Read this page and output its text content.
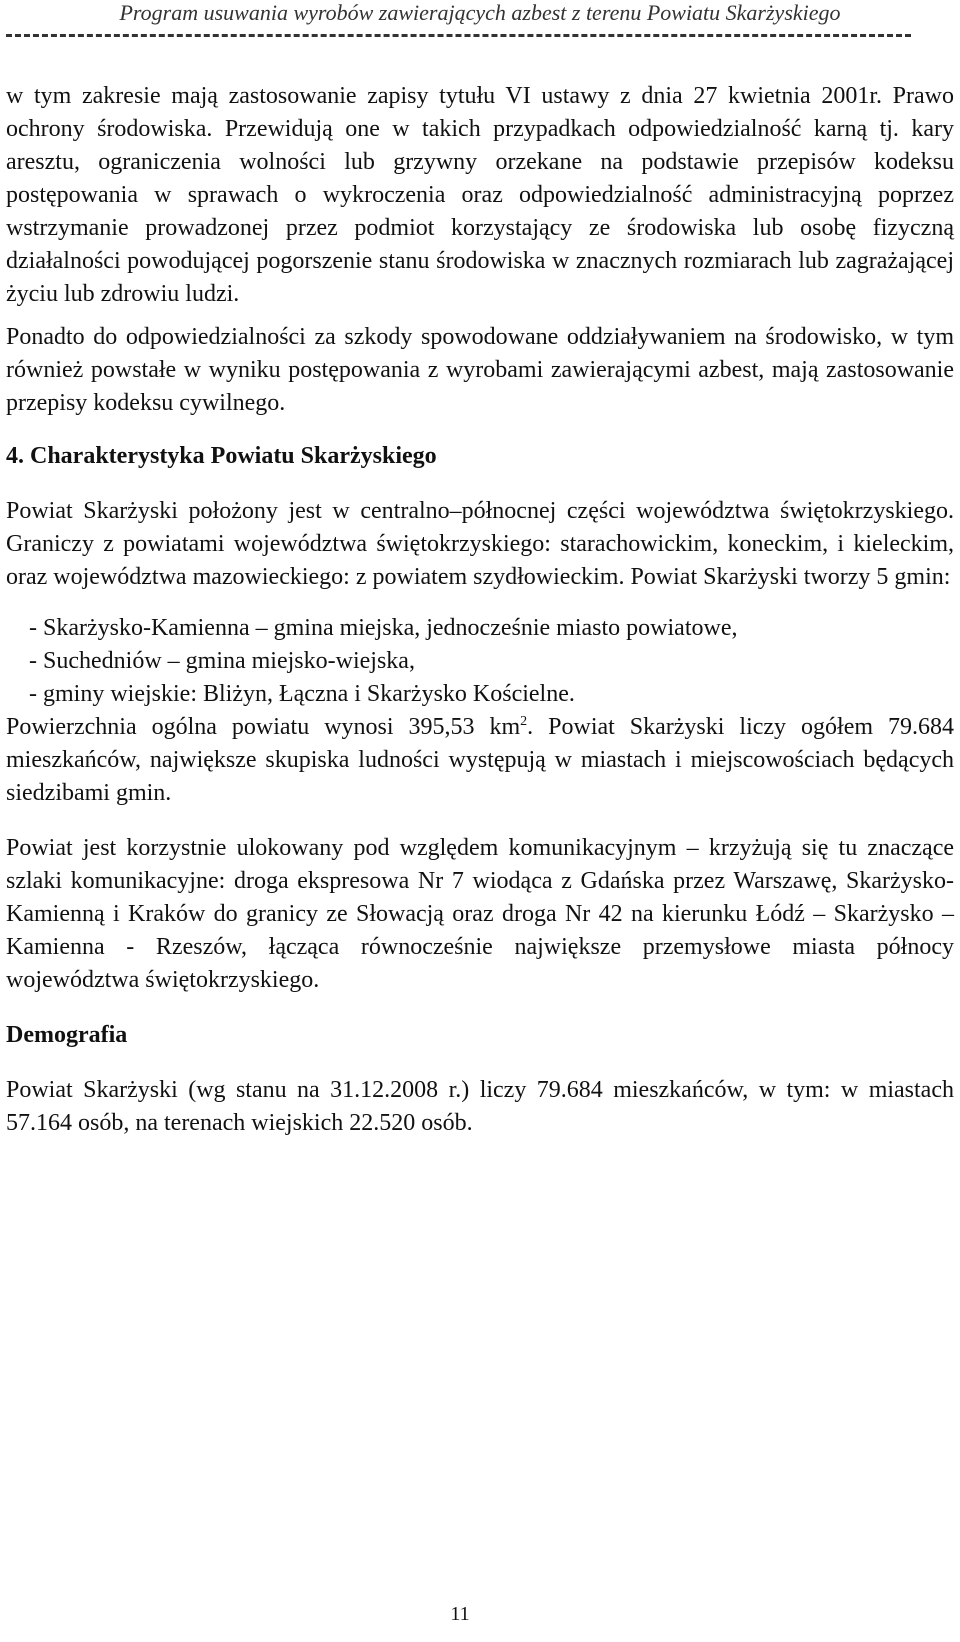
Program usuwania wyrobów zawierających azbest z terenu Powiatu Skarżyskiego

w tym zakresie mają zastosowanie zapisy tytułu VI ustawy z dnia 27 kwietnia 2001r. Prawo ochrony środowiska. Przewidują one w takich przypadkach odpowiedzialność karną tj. kary aresztu, ograniczenia wolności lub grzywny orzekane na podstawie przepisów kodeksu postępowania w sprawach o wykroczenia oraz odpowiedzialność administracyjną poprzez wstrzymanie prowadzonej przez podmiot korzystający ze środowiska lub osobę fizyczną działalności powodującej pogorszenie stanu środowiska w znacznych rozmiarach lub zagrażającej życiu lub zdrowiu ludzi.

Ponadto do odpowiedzialności za szkody spowodowane oddziaływaniem na środowisko, w tym również powstałe w wyniku postępowania z wyrobami zawierającymi azbest, mają zastosowanie przepisy kodeksu cywilnego.

4. Charakterystyka Powiatu Skarżyskiego

Powiat Skarżyski położony jest w centralno–północnej części województwa świętokrzyskiego. Graniczy z powiatami województwa świętokrzyskiego: starachowickim, koneckim, i kieleckim, oraz województwa mazowieckiego: z powiatem szydłowieckim. Powiat Skarżyski tworzy 5 gmin:

- Skarżysko-Kamienna – gmina miejska, jednocześnie miasto powiatowe,
- Suchedniów – gmina miejsko-wiejska,
- gminy wiejskie: Bliżyn, Łączna i Skarżysko Kościelne.

Powierzchnia ogólna powiatu wynosi 395,53 $km^2$. Powiat Skarżyski liczy ogółem 79.684 mieszkańców, największe skupiska ludności występują w miastach i miejscowościach będących siedzibami gmin.

Powiat jest korzystnie ulokowany pod względem komunikacyjnym – krzyżują się tu znaczące szlaki komunikacyjne: droga ekspresowa Nr 7 wiodąca z Gdańska przez Warszawę, Skarżysko-Kamienną i Kraków do granicy ze Słowacją oraz droga Nr 42 na kierunku Łódź – Skarżysko – Kamienna - Rzeszów, łącząca równocześnie największe przemysłowe miasta północy województwa świętokrzyskiego.

Demografia

Powiat Skarżyski (wg stanu na 31.12.2008 r.) liczy 79.684 mieszkańców, w tym: w miastach 57.164 osób, na terenach wiejskich 22.520 osób.

11
